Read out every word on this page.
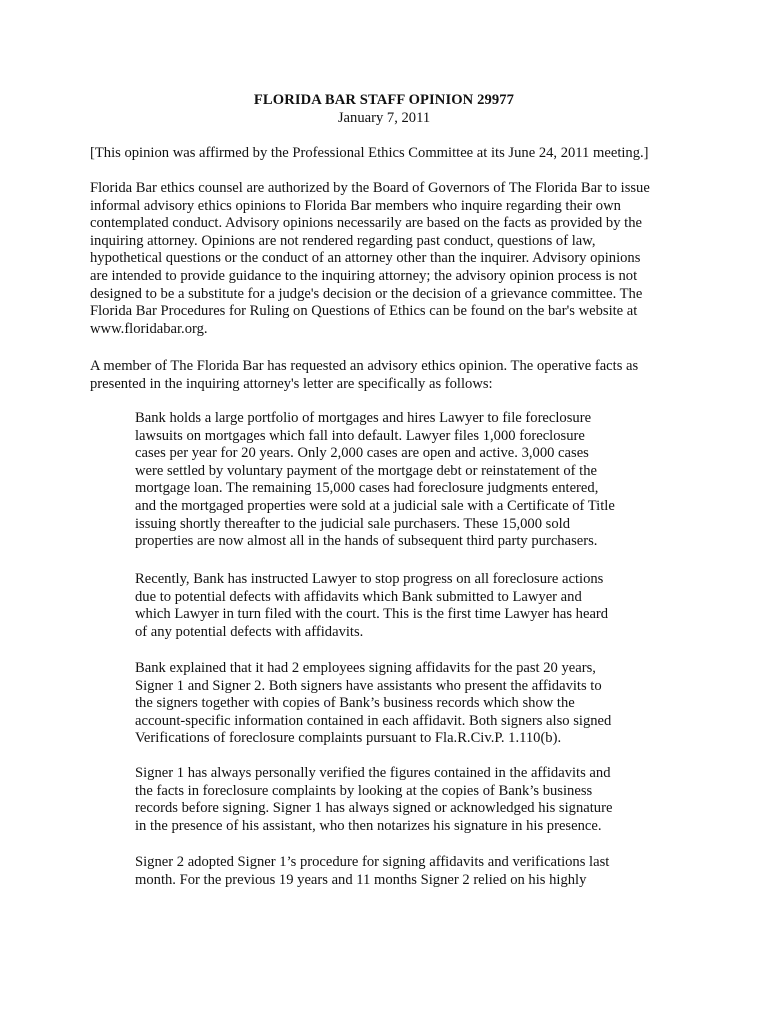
FLORIDA BAR STAFF OPINION 29977
January 7, 2011
[This opinion was affirmed by the Professional Ethics Committee at its June 24, 2011 meeting.]
Florida Bar ethics counsel are authorized by the Board of Governors of The Florida Bar to issue
informal advisory ethics opinions to Florida Bar members who inquire regarding their own
contemplated conduct. Advisory opinions necessarily are based on the facts as provided by the
inquiring attorney. Opinions are not rendered regarding past conduct, questions of law,
hypothetical questions or the conduct of an attorney other than the inquirer. Advisory opinions
are intended to provide guidance to the inquiring attorney; the advisory opinion process is not
designed to be a substitute for a judge's decision or the decision of a grievance committee. The
Florida Bar Procedures for Ruling on Questions of Ethics can be found on the bar's website at
www.floridabar.org.
A member of The Florida Bar has requested an advisory ethics opinion. The operative facts as
presented in the inquiring attorney's letter are specifically as follows:
Bank holds a large portfolio of mortgages and hires Lawyer to file foreclosure
lawsuits on mortgages which fall into default. Lawyer files 1,000 foreclosure
cases per year for 20 years. Only 2,000 cases are open and active. 3,000 cases
were settled by voluntary payment of the mortgage debt or reinstatement of the
mortgage loan. The remaining 15,000 cases had foreclosure judgments entered,
and the mortgaged properties were sold at a judicial sale with a Certificate of Title
issuing shortly thereafter to the judicial sale purchasers. These 15,000 sold
properties are now almost all in the hands of subsequent third party purchasers.
Recently, Bank has instructed Lawyer to stop progress on all foreclosure actions
due to potential defects with affidavits which Bank submitted to Lawyer and
which Lawyer in turn filed with the court. This is the first time Lawyer has heard
of any potential defects with affidavits.
Bank explained that it had 2 employees signing affidavits for the past 20 years,
Signer 1 and Signer 2. Both signers have assistants who present the affidavits to
the signers together with copies of Bank’s business records which show the
account-specific information contained in each affidavit. Both signers also signed
Verifications of foreclosure complaints pursuant to Fla.R.Civ.P. 1.110(b).
Signer 1 has always personally verified the figures contained in the affidavits and
the facts in foreclosure complaints by looking at the copies of Bank’s business
records before signing. Signer 1 has always signed or acknowledged his signature
in the presence of his assistant, who then notarizes his signature in his presence.
Signer 2 adopted Signer 1’s procedure for signing affidavits and verifications last
month. For the previous 19 years and 11 months Signer 2 relied on his highly
